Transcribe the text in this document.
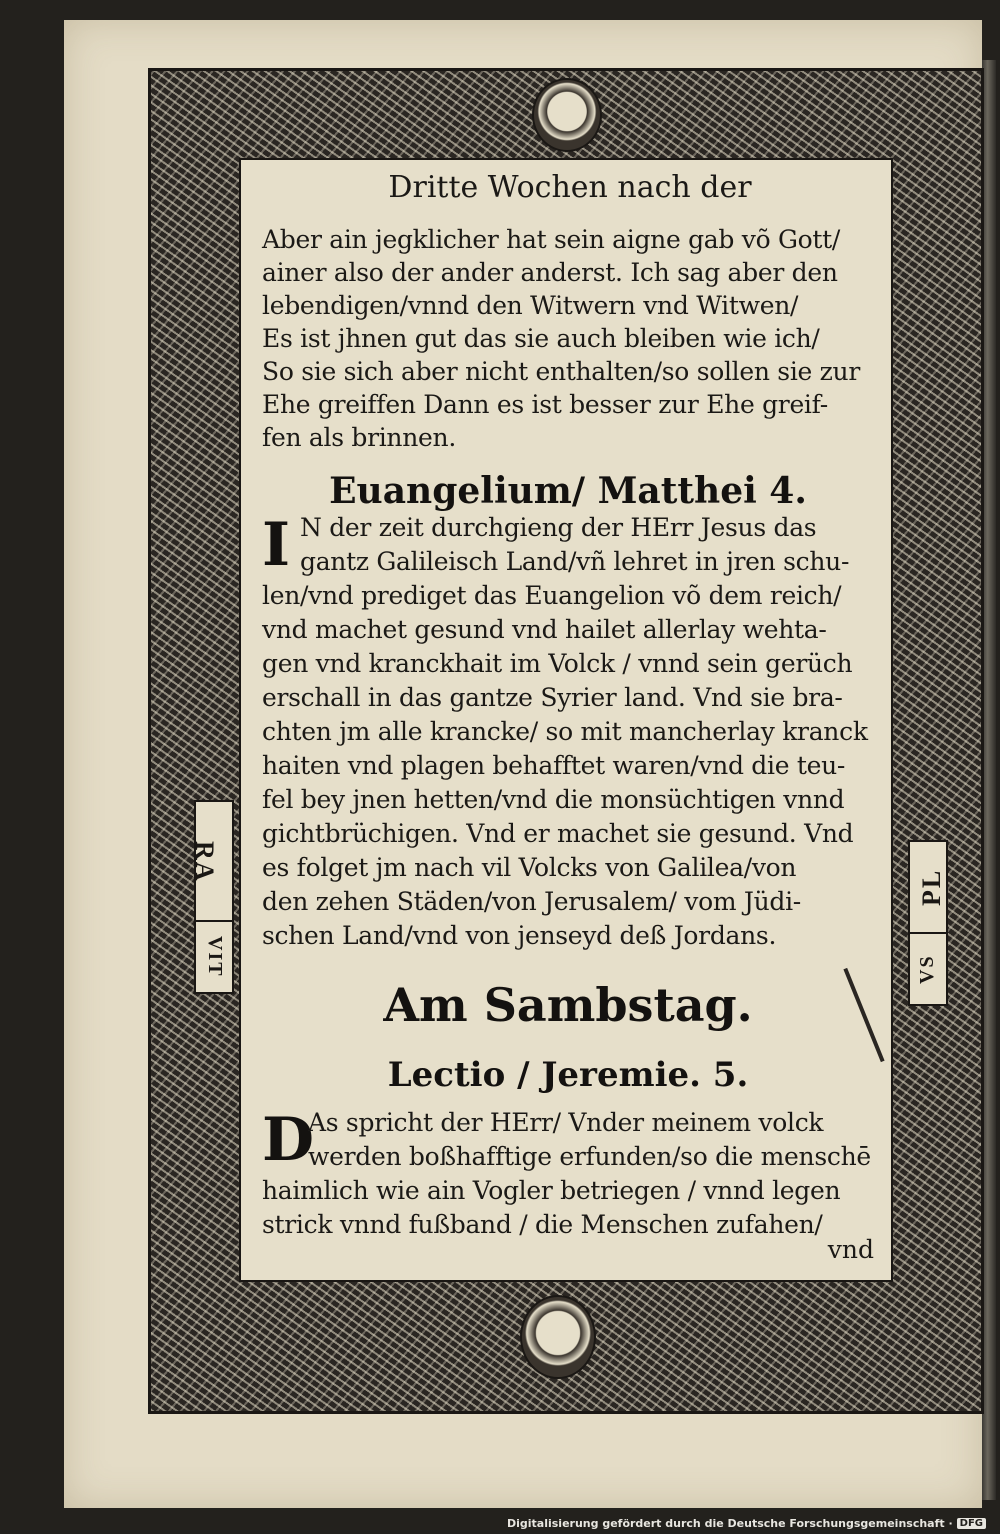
RA
VIT
PL
VS
Dritte Wochen nach der
Aber ain jegklicher hat sein aigne gab võ Gott/
ainer also der ander anderst. Ich sag aber den
lebendigen/vnnd den Witwern vnd Witwen/
Es ist jhnen gut das sie auch bleiben wie ich/
So sie sich aber nicht enthalten/so sollen sie zur
Ehe greiffen Dann es ist besser zur Ehe greif-
fen als brinnen.
Euangelium/ Matthei 4.
I N der zeit durchgieng der HErr Jesus das
gantz Galileisch Land/vñ lehret in jren schu-
len/vnd prediget das Euangelion võ dem reich/
vnd machet gesund vnd hailet allerlay wehta-
gen vnd kranckhait im Volck / vnnd sein gerüch
erschall in das gantze Syrier land. Vnd sie bra-
chten jm alle krancke/ so mit mancherlay kranck
haiten vnd plagen behafftet waren/vnd die teu-
fel bey jnen hetten/vnd die monsüchtigen vnnd
gichtbrüchigen. Vnd er machet sie gesund. Vnd
es folget jm nach vil Volcks von Galilea/von
den zehen Städen/von Jerusalem/ vom Jüdi-
schen Land/vnd von jenseyd deß Jordans.
Am Sambstag.
Lectio / Jeremie. 5.
D
As spricht der HErr/ Vnder meinem volck
werden boßhafftige erfunden/so die menschē
haimlich wie ain Vogler betriegen / vnnd legen
strick vnnd fußband / die Menschen zufahen/
vnd
Digitalisierung gefördert durch die Deutsche Forschungsgemeinschaft · DFG
